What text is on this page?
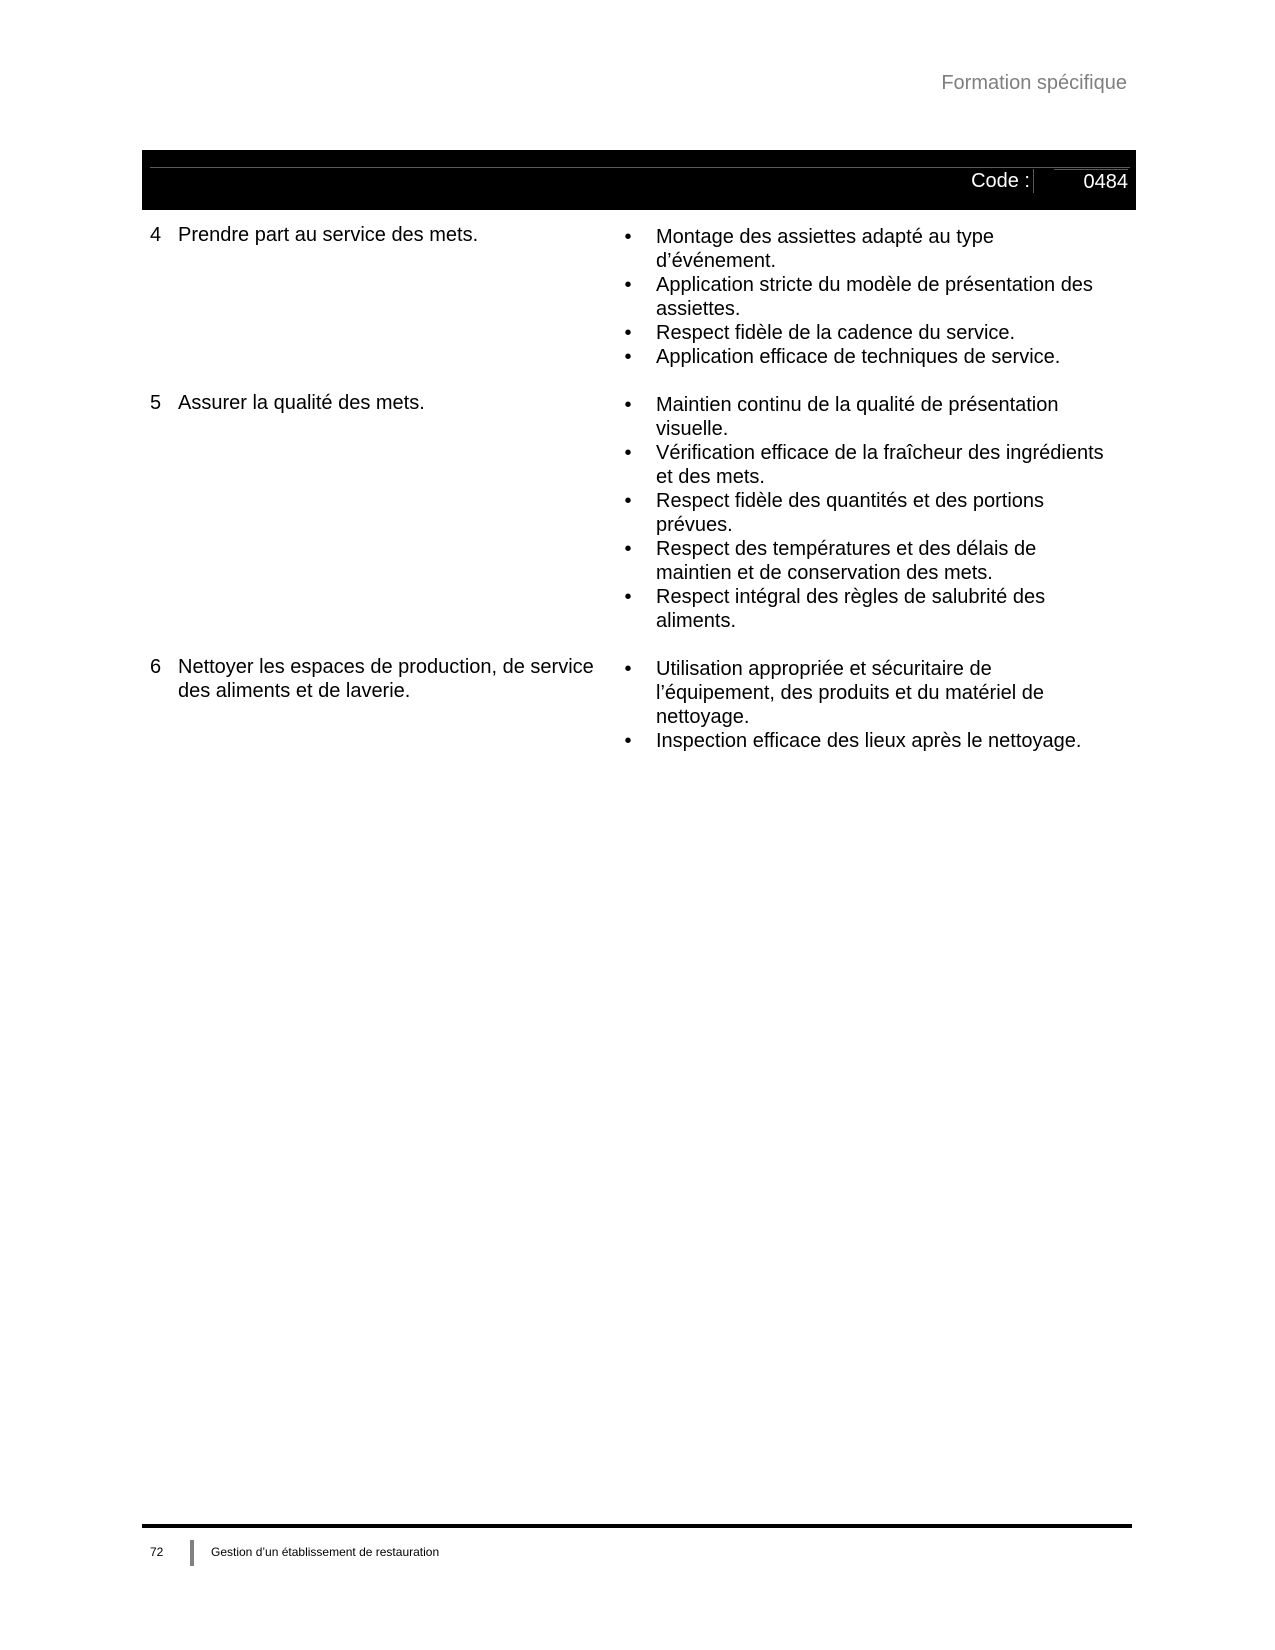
Formation spécifique
Code :	0484
4 Prendre part au service des mets.	•	Montage des assiettes adapté au type d’événement.
•	Application stricte du modèle de présentation des assiettes.
•	Respect fidèle de la cadence du service.
•	Application efficace de techniques de service.
5 Assurer la qualité des mets.	•	Maintien continu de la qualité de présentation visuelle.
•	Vérification efficace de la fraîcheur des ingrédients et des mets.
•	Respect fidèle des quantités et des portions prévues.
•	Respect des températures et des délais de maintien et de conservation des mets.
•	Respect intégral des règles de salubrité des aliments.
6 Nettoyer les espaces de production, de service des aliments et de laverie.
•	Utilisation appropriée et sécuritaire de l’équipement, des produits et du matériel de nettoyage.
•	Inspection efficace des lieux après le nettoyage.
72	Gestion d’un établissement de restauration
